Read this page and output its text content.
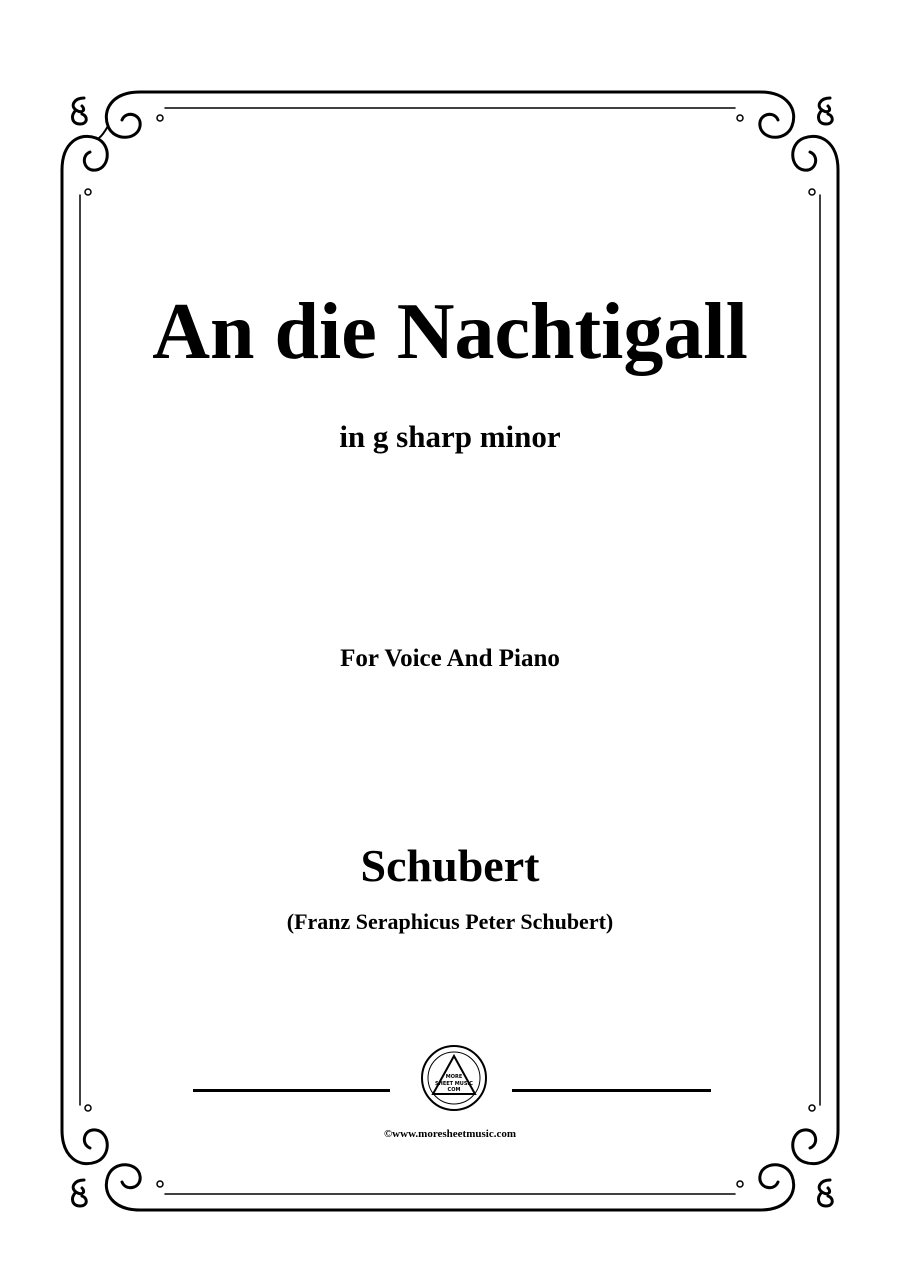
An die Nachtigall
in g sharp minor
For Voice And Piano
Schubert
(Franz Seraphicus Peter Schubert)
MORE
SHEET MUSIC
COM
©www.moresheetmusic.com
